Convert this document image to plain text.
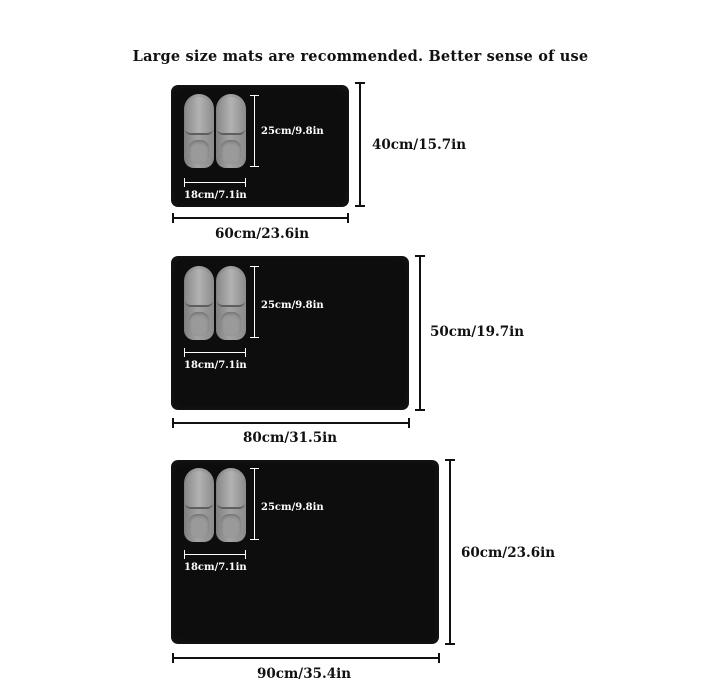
Large size mats are recommended. Better sense of use
25cm/9.8in
18cm/7.1in
40cm/15.7in
60cm/23.6in
25cm/9.8in
18cm/7.1in
50cm/19.7in
80cm/31.5in
25cm/9.8in
18cm/7.1in
60cm/23.6in
90cm/35.4in
